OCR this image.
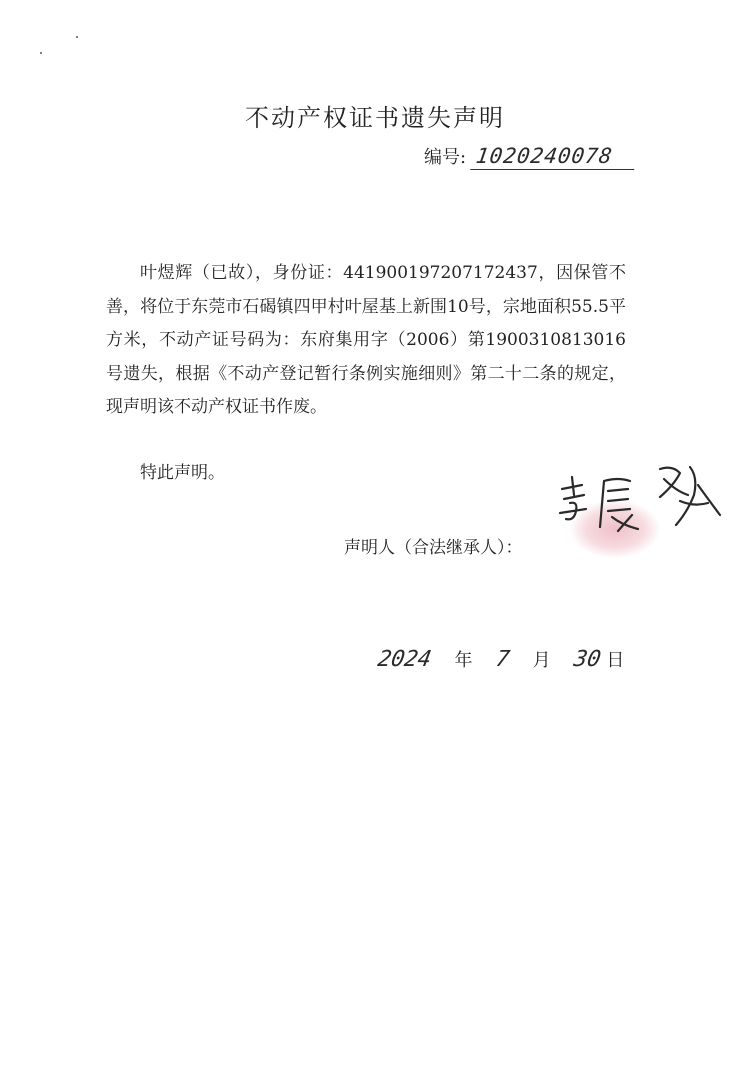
不动产权证书遗失声明
编号: 1020240078

叶煜辉（已故），身份证：441900197207172437，因保管不善，将位于东莞市石碣镇四甲村叶屋基上新围10号，宗地面积55.5平方米，不动产证号码为：东府集用字（2006）第1900310813016号遗失，根据《不动产登记暂行条例实施细则》第二十二条的规定，现声明该不动产权证书作废。

特此声明。
声明人（合法继承人）：
2024 年 7 月 30 日
